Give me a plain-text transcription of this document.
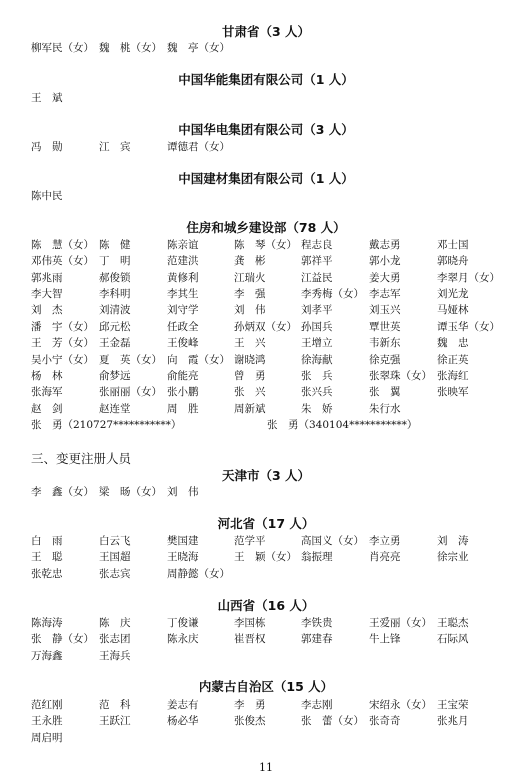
甘肃省（3 人）
柳军民（女） 魏　桃（女） 魏　亭（女）
中国华能集团有限公司（1 人）
王　斌
中国华电集团有限公司（3 人）
冯　勋	江　宾	谭德君（女）
中国建材集团有限公司（1 人）
陈中民
住房和城乡建设部（78 人）
陈　慧（女） 陈　健	陈亲谊	陈　琴（女） 程志良	戴志勇	邓士国
邓伟英（女） 丁　明	范建洪	龚　彬	郭祥平	郭小龙	郭晓舟
郭兆雨	郝俊锁	黄修利	江瑞火	江益民	姜大勇	李翠月（女）
李大智	李科明	李其生	李　强	李秀梅（女） 李志军	刘光龙
刘　杰	刘清波	刘守学	刘　伟	刘孝平	刘玉兴	马娅林
潘　宇（女） 邱元松	任政全	孙炳双（女） 孙国兵	覃世英	谭玉华（女）
王　芳（女） 王金磊	王俊峰	王　兴	王增立	韦新东	魏　忠
吴小宁（女） 夏　英（女） 向　霞（女） 谢晓鸿	徐海献	徐克强	徐正英
杨　林	俞梦远	俞能亮	曾　勇	张　兵	张翠珠（女） 张海红
张海军	张丽丽（女） 张小鹏	张　兴	张兴兵	张　翼	张映军
赵　剑	赵连堂	周　胜	周新斌	朱　娇	朱行水
张　勇（210727***********）	张　勇（340104***********）
三、变更注册人员
天津市（3 人）
李　鑫（女） 梁　旸（女） 刘　伟
河北省（17 人）
白　雨	白云飞	樊国建	范学平	高国义（女） 李立勇	刘　涛
王　聪	王国超	王晓海	王　颖（女） 翁振理	肖亮亮	徐宗业
张乾忠	张志宾	周静懿（女）
山西省（16 人）
陈海涛	陈　庆	丁俊谦	李国栋	李铁贵	王爱丽（女） 王聪杰
张　静（女） 张志团	陈永庆	崔晋权	郭建春	牛上锋	石际风
万海鑫	王海兵
内蒙古自治区（15 人）
范红刚	范　科	姜志有	李　勇	李志刚	宋绍永（女） 王宝荣
王永胜	王跃江	杨必华	张俊杰	张　蕾（女） 张奇奇	张兆月
周启明
11
